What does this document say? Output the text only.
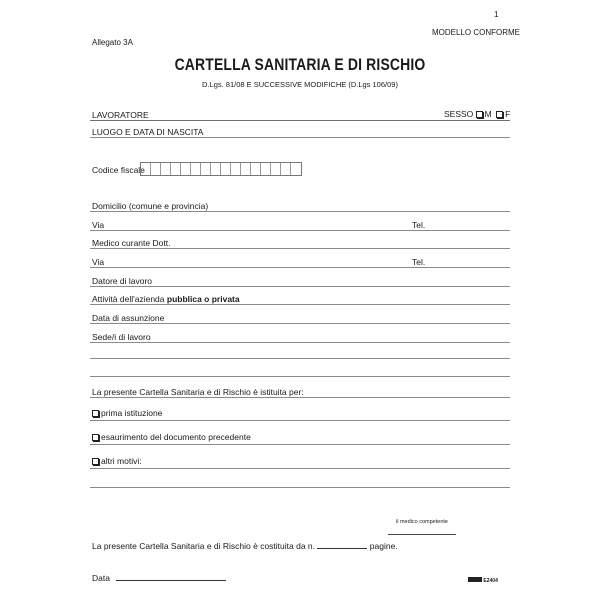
1
MODELLO CONFORME
Allegato 3A
CARTELLA SANITARIA E DI RISCHIO
D.Lgs. 81/08 E SUCCESSIVE MODIFICHE (D.Lgs 106/09)
LAVORATORE	SESSO M F
LUOGO E DATA DI NASCITA
Codice fiscale
Domicilio (comune e provincia)
Via	Tel.
Medico curante Dott.
Via	Tel.
Datore di lavoro
Attività dell'azienda pubblica o privata
Data di assunzione
Sede/i di lavoro
La presente Cartella Sanitaria e di Rischio è istituita per:
prima istituzione
esaurimento del documento precedente
altri motivi:
il medico competente
La presente Cartella Sanitaria e di Rischio è costituita da n.	pagine.
Data	E2404
